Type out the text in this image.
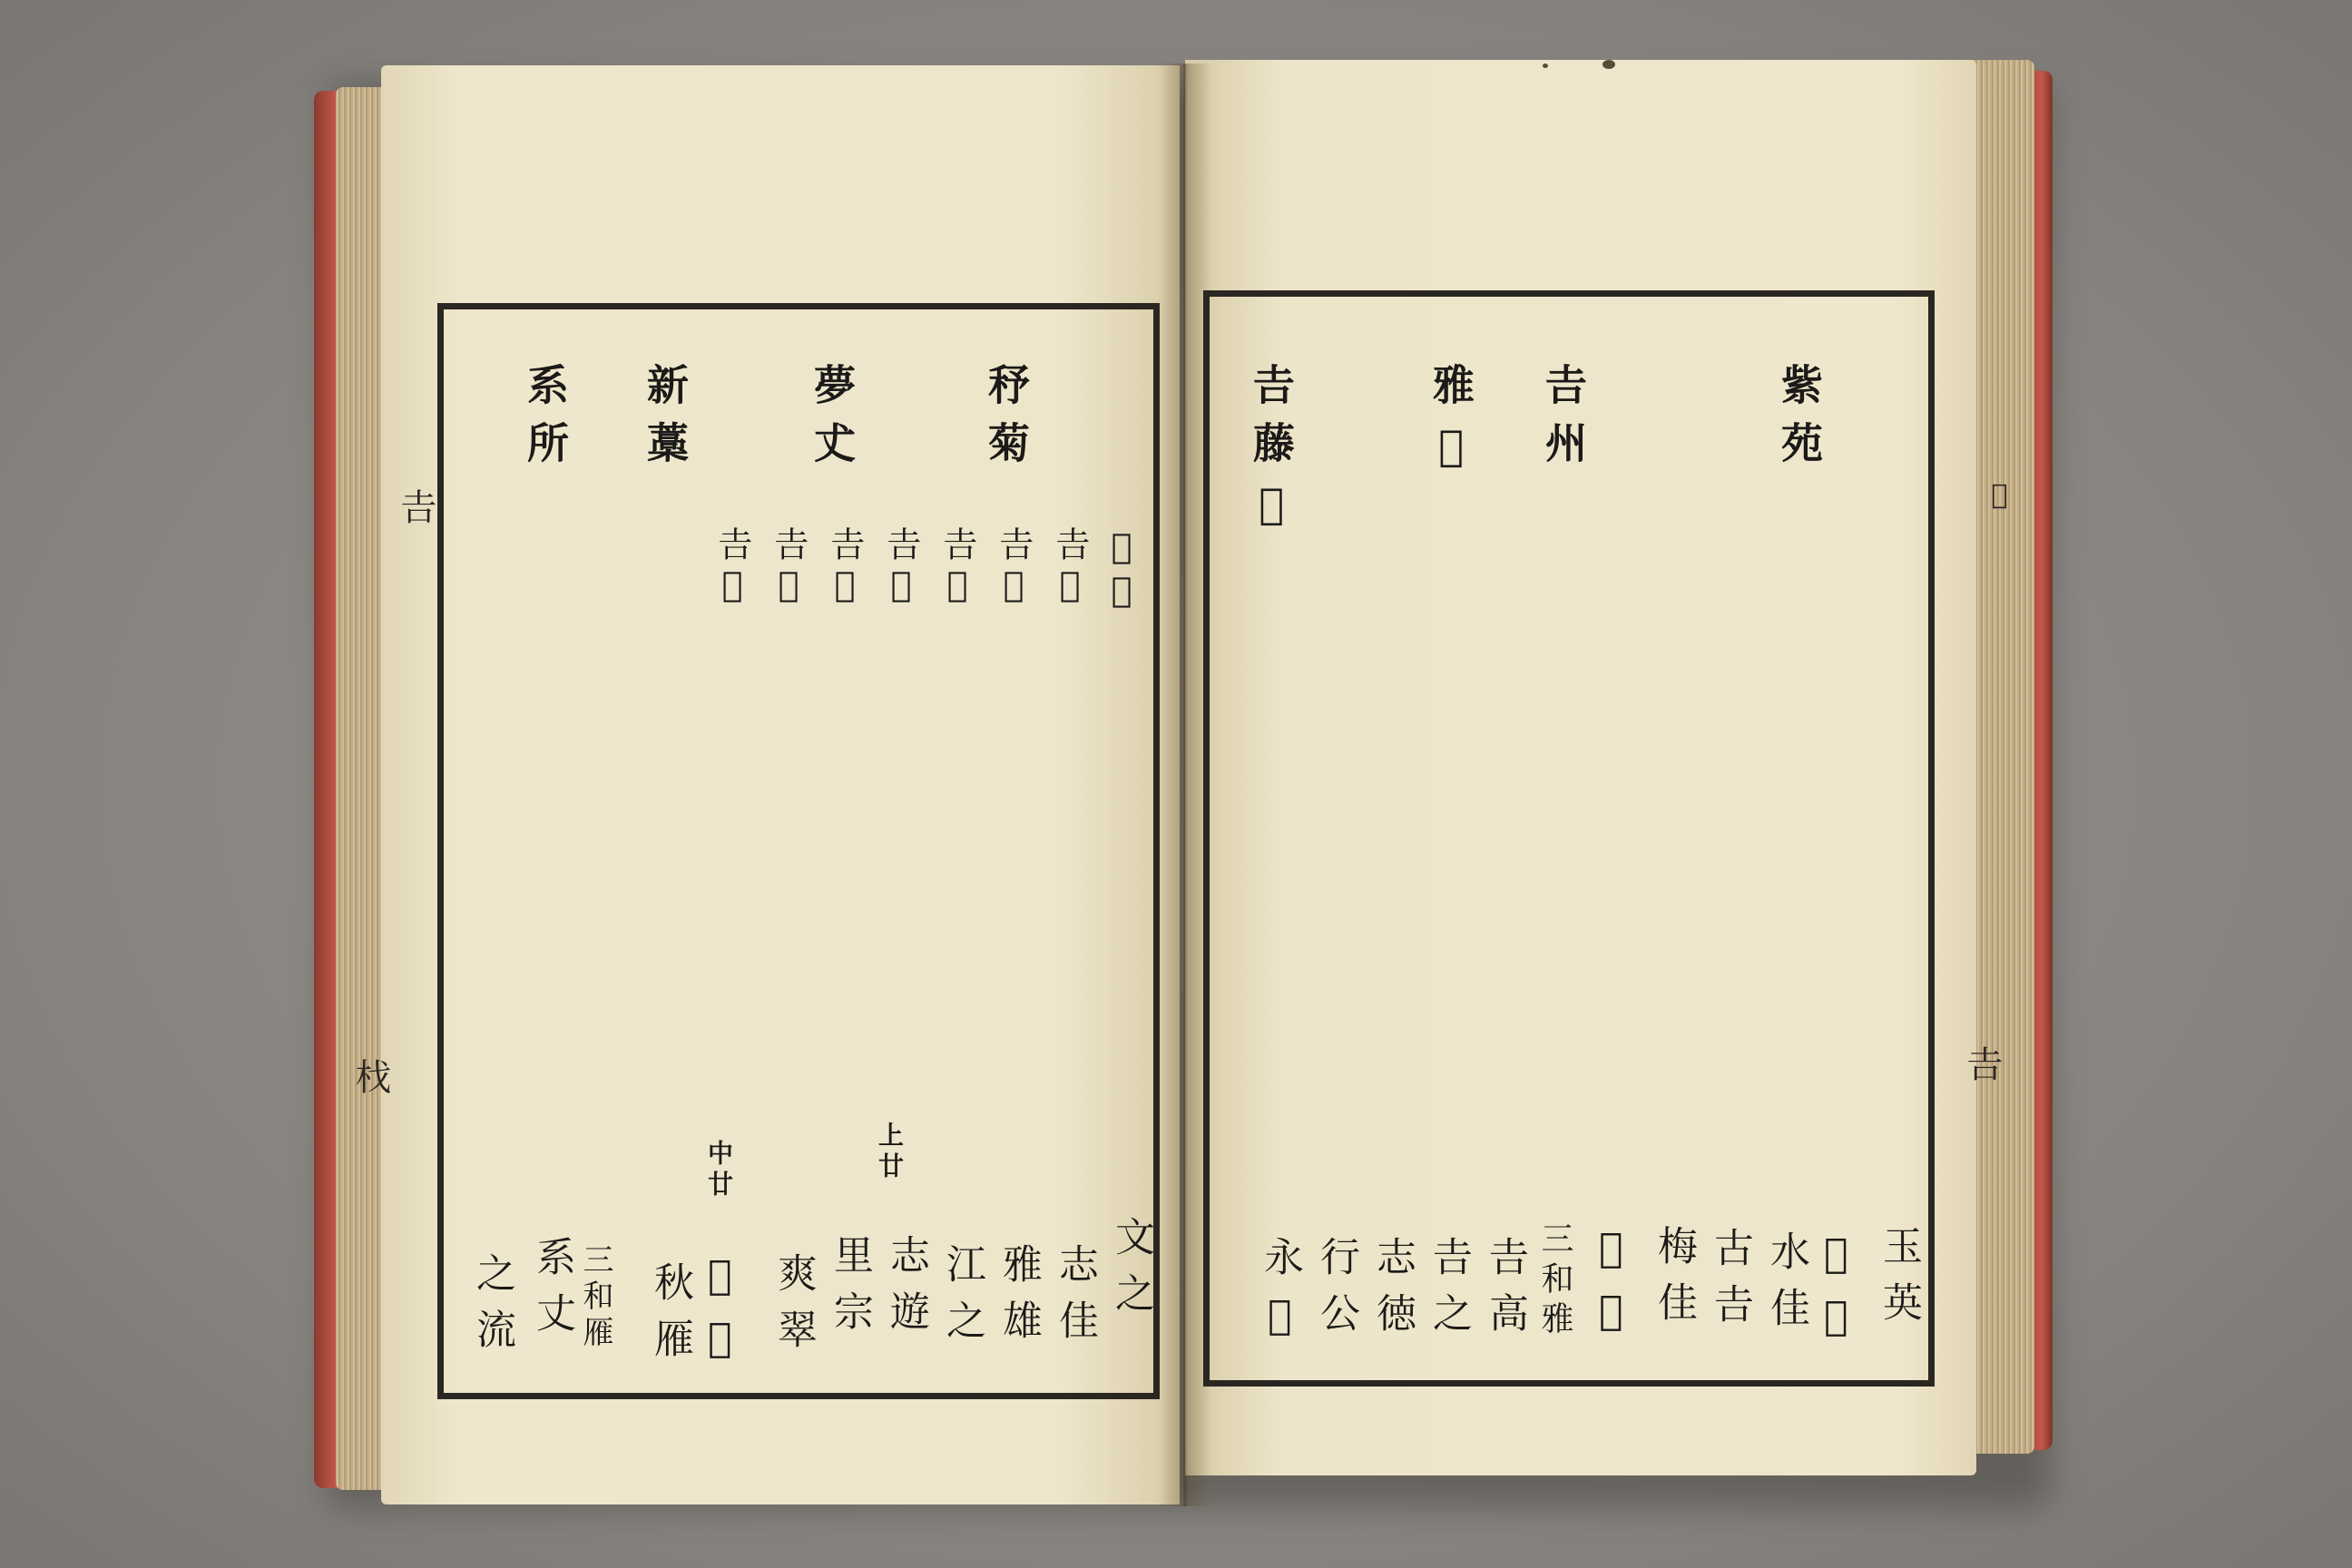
𠮷
𣏾
𢚩
𠮷
𢚩𩺊
𠮷𠯹
𠮷𠯹
𠮷𠯹
𠮷𠯹
𠮷𠯹
𠮷𠯹
𠮷𠯹
𥝱菊
夢𠀋
新藁
系所
上廿
中廿
文之
志佳
雅雄
江之
志遊
里宗
爽翠
𢚩海
秋雁
三和雁
系丈
之流
紫苑
𠮷州
雅𢚩
𠮷藤𢚩
玉英
𢚩和
水佳
古𠮷
梅佳
𢚩堂
三和雅
𠮷高
𠮷之
志徳
行公
永𢚩
